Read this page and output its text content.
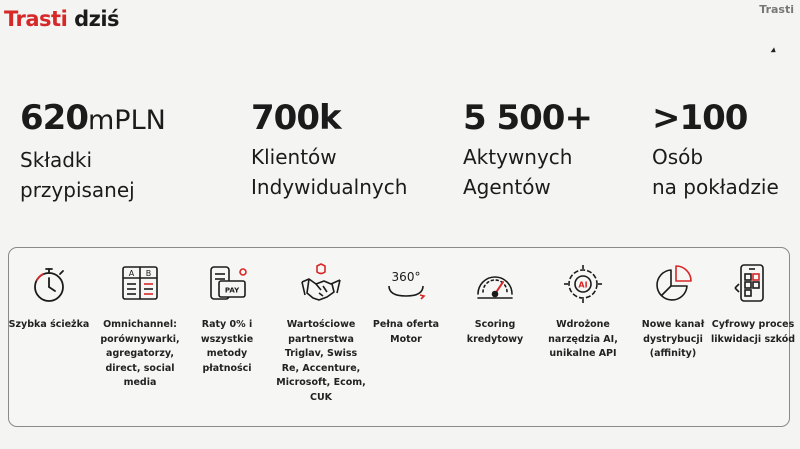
Trasti dziś	Trasti
620mPLN
Składki
przypisanej
700k
Klientów
Indywidualnych
5 500+
Aktywnych
Agentów
>100
Osób
na pokładzie
Szybka ścieżka
A B
Omnichannel: porównywarki, agregatorzy, direct, social media
PAY
Raty 0% i wszystkie metody płatności
Wartościowe partnerstwa Triglav, Swiss Re, Accenture, Microsoft, Ecom, CUK
360°
Pełna oferta Motor
Scoring kredytowy
AI
Wdrożone narzędzia AI, unikalne API
Nowe kanał dystrybucji (affinity)
Cyfrowy proces likwidacji szkód
